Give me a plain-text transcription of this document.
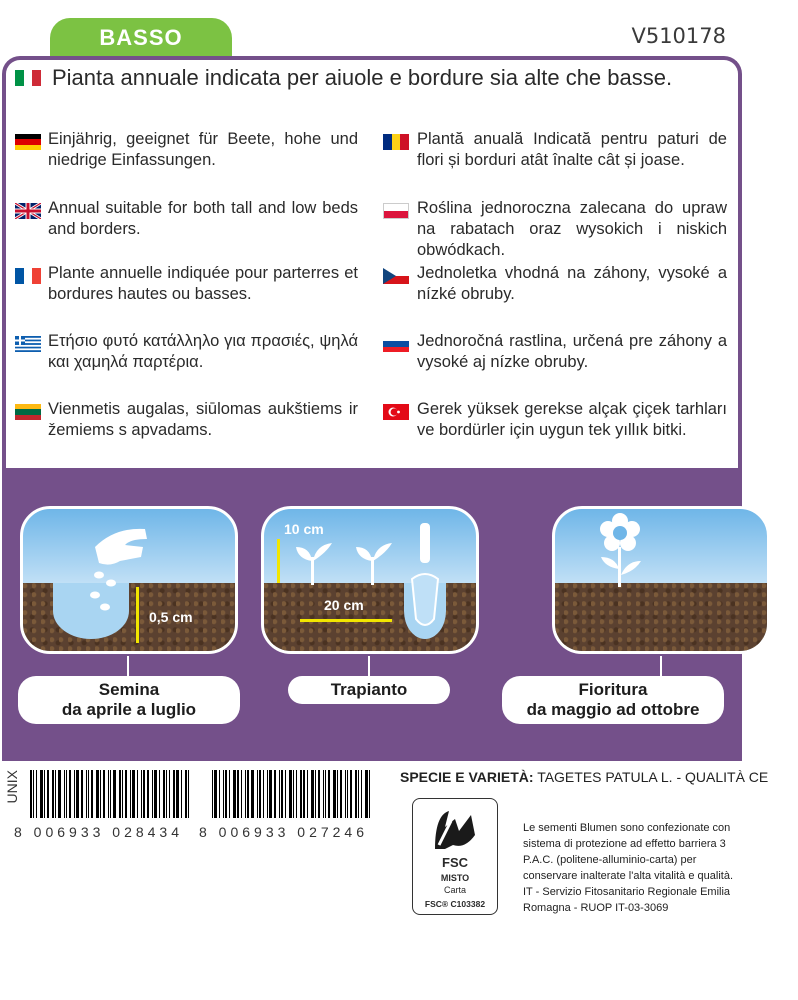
BASSO	V510178
Pianta annuale indicata per aiuole e bordure sia alte che basse.
Einjährig, geeignet für Beete, hohe und niedrige Einfassungen.
Annual suitable for both tall and low beds and borders.
Plante annuelle indiquée pour parterres et bordures hautes ou basses.
Ετήσιο φυτό κατάλληλο για πρασιές, ψηλά και χαμηλά παρτέρια.
Vienmetis augalas, siūlomas aukštiems ir žemiems s apvadams.
Plantă anuală Indicată pentru paturi de flori și borduri atât înalte cât și joase.
Roślina jednoroczna zalecana do upraw na rabatach oraz wysokich i niskich obwódkach.
Jednoletka vhodná na záhony, vysoké a nízké obruby.
Jednoročná rastlina, určená pre záhony a vysoké aj nízke obruby.
Gerek yüksek gerekse alçak çiçek tarhları ve bordürler için uygun tek yıllık bitki.
0,5 cm
Semina
da aprile a luglio
10 cm
20 cm
Trapianto	Fioritura
da maggio ad ottobre
UNIX
8 006933 028434 8 006933 027246
SPECIE E VARIETÀ: TAGETES PATULA L. - QUALITÀ CE
FSC
MISTO
Carta
FSC® C103382
Le sementi Blumen sono confezionate con sistema di protezione ad effetto barriera 3 P.A.C. (politene-alluminio-carta) per conservare inalterate l'alta vitalità e qualità. IT - Servizio Fitosanitario Regionale Emilia Romagna - RUOP IT-03-3069
